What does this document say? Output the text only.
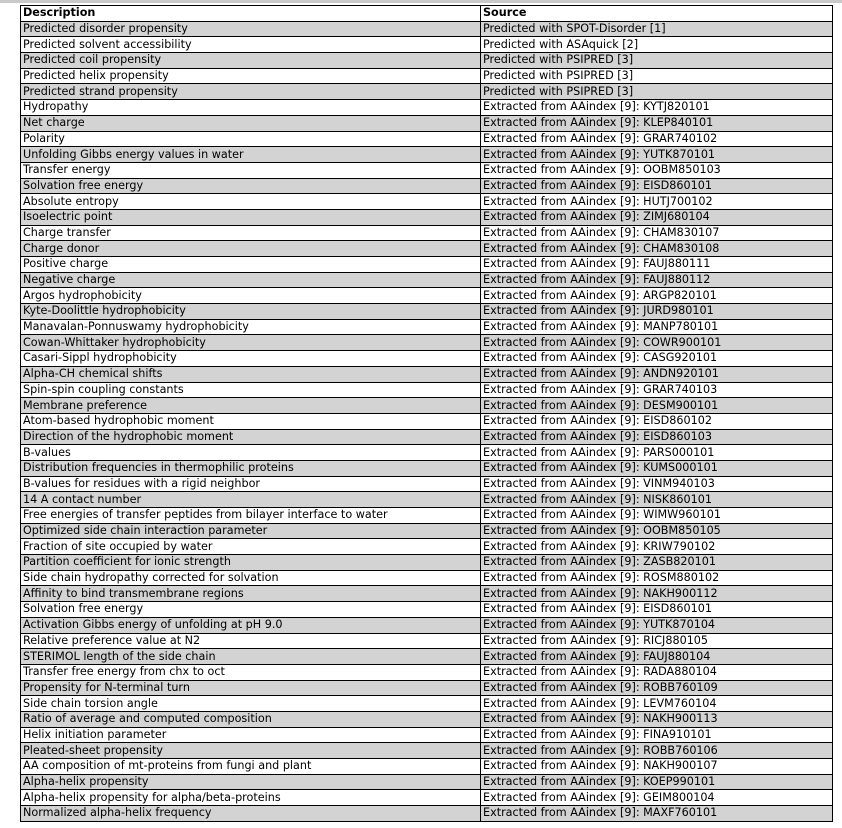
Description	Source
Predicted disorder propensity	Predicted with SPOT-Disorder [1]
Predicted solvent accessibility	Predicted with ASAquick [2]
Predicted coil propensity	Predicted with PSIPRED [3]
Predicted helix propensity	Predicted with PSIPRED [3]
Predicted strand propensity	Predicted with PSIPRED [3]
Hydropathy	Extracted from AAindex [9]: KYTJ820101
Net charge	Extracted from AAindex [9]: KLEP840101
Polarity	Extracted from AAindex [9]: GRAR740102
Unfolding Gibbs energy values in water	Extracted from AAindex [9]: YUTK870101
Transfer energy	Extracted from AAindex [9]: OOBM850103
Solvation free energy	Extracted from AAindex [9]: EISD860101
Absolute entropy	Extracted from AAindex [9]: HUTJ700102
Isoelectric point	Extracted from AAindex [9]: ZIMJ680104
Charge transfer	Extracted from AAindex [9]: CHAM830107
Charge donor	Extracted from AAindex [9]: CHAM830108
Positive charge	Extracted from AAindex [9]: FAUJ880111
Negative charge	Extracted from AAindex [9]: FAUJ880112
Argos hydrophobicity	Extracted from AAindex [9]: ARGP820101
Kyte-Doolittle hydrophobicity	Extracted from AAindex [9]: JURD980101
Manavalan-Ponnuswamy hydrophobicity	Extracted from AAindex [9]: MANP780101
Cowan-Whittaker hydrophobicity	Extracted from AAindex [9]: COWR900101
Casari-Sippl hydrophobicity	Extracted from AAindex [9]: CASG920101
Alpha-CH chemical shifts	Extracted from AAindex [9]: ANDN920101
Spin-spin coupling constants	Extracted from AAindex [9]: GRAR740103
Membrane preference	Extracted from AAindex [9]: DESM900101
Atom-based hydrophobic moment	Extracted from AAindex [9]: EISD860102
Direction of the hydrophobic moment	Extracted from AAindex [9]: EISD860103
B-values	Extracted from AAindex [9]: PARS000101
Distribution frequencies in thermophilic proteins	Extracted from AAindex [9]: KUMS000101
B-values for residues with a rigid neighbor	Extracted from AAindex [9]: VINM940103
14 A contact number	Extracted from AAindex [9]: NISK860101
Free energies of transfer peptides from bilayer interface to water	Extracted from AAindex [9]: WIMW960101
Optimized side chain interaction parameter	Extracted from AAindex [9]: OOBM850105
Fraction of site occupied by water	Extracted from AAindex [9]: KRIW790102
Partition coefficient for ionic strength	Extracted from AAindex [9]: ZASB820101
Side chain hydropathy corrected for solvation	Extracted from AAindex [9]: ROSM880102
Affinity to bind transmembrane regions	Extracted from AAindex [9]: NAKH900112
Solvation free energy	Extracted from AAindex [9]: EISD860101
Activation Gibbs energy of unfolding at pH 9.0	Extracted from AAindex [9]: YUTK870104
Relative preference value at N2	Extracted from AAindex [9]: RICJ880105
STERIMOL length of the side chain	Extracted from AAindex [9]: FAUJ880104
Transfer free energy from chx to oct	Extracted from AAindex [9]: RADA880104
Propensity for N-terminal turn	Extracted from AAindex [9]: ROBB760109
Side chain torsion angle	Extracted from AAindex [9]: LEVM760104
Ratio of average and computed composition	Extracted from AAindex [9]: NAKH900113
Helix initiation parameter	Extracted from AAindex [9]: FINA910101
Pleated-sheet propensity	Extracted from AAindex [9]: ROBB760106
AA composition of mt-proteins from fungi and plant	Extracted from AAindex [9]: NAKH900107
Alpha-helix propensity	Extracted from AAindex [9]: KOEP990101
Alpha-helix propensity for alpha/beta-proteins	Extracted from AAindex [9]: GEIM800104
Normalized alpha-helix frequency	Extracted from AAindex [9]: MAXF760101
